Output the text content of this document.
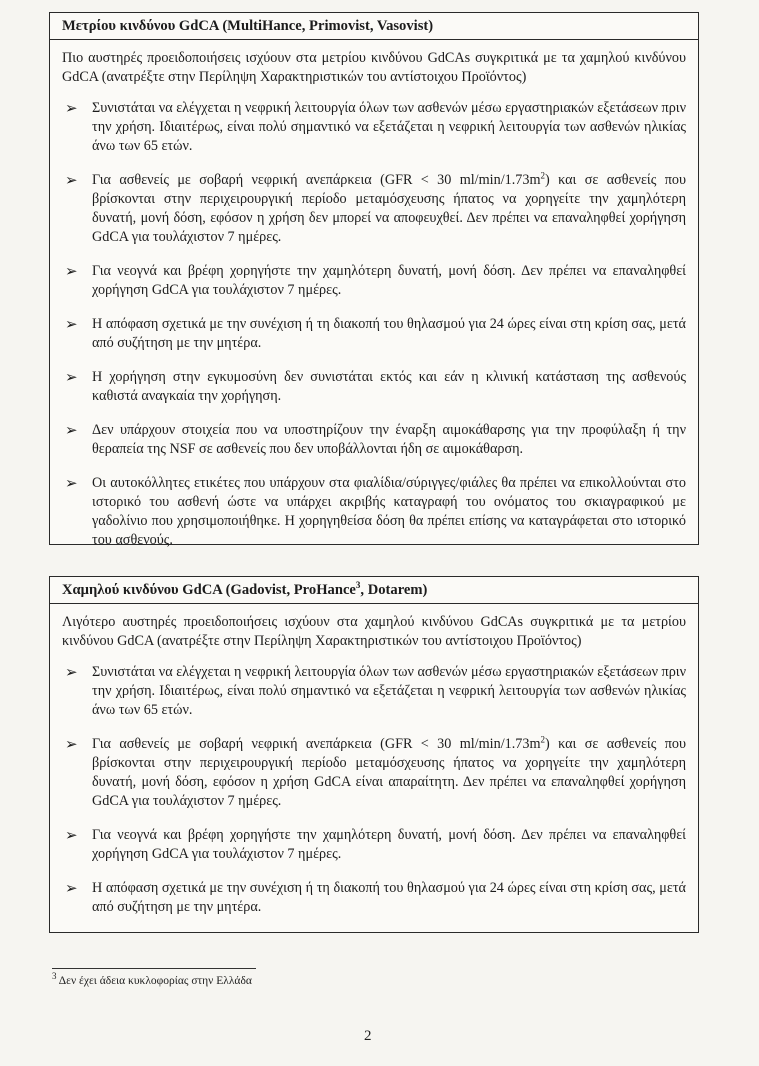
Μετρίου κινδύνου GdCA (MultiHance, Primovist, Vasovist)

Πιο αυστηρές προειδοποιήσεις ισχύουν στα μετρίου κινδύνου GdCAs συγκριτικά με τα χαμηλού κινδύνου GdCA (ανατρέξτε στην Περίληψη Χαρακτηριστικών του αντίστοιχου Προϊόντος)

➢ Συνιστάται να ελέγχεται η νεφρική λειτουργία όλων των ασθενών μέσω εργαστηριακών εξετάσεων πριν την χρήση. Ιδιαιτέρως, είναι πολύ σημαντικό να εξετάζεται η νεφρική λειτουργία των ασθενών ηλικίας άνω των 65 ετών.
➢ Για ασθενείς με σοβαρή νεφρική ανεπάρκεια (GFR < 30 $ml/\min/1.73m^2$) και σε ασθενείς που βρίσκονται στην περιχειρουργική περίοδο μεταμόσχευσης ήπατος να χορηγείτε την χαμηλότερη δυνατή, μονή δόση, εφόσον η χρήση δεν μπορεί να αποφευχθεί. Δεν πρέπει να επαναληφθεί χορήγηση GdCA για τουλάχιστον 7 ημέρες.
➢ Για νεογνά και βρέφη χορηγήστε την χαμηλότερη δυνατή, μονή δόση. Δεν πρέπει να επαναληφθεί χορήγηση GdCA για τουλάχιστον 7 ημέρες.
➢ Η απόφαση σχετικά με την συνέχιση ή τη διακοπή του θηλασμού για 24 ώρες είναι στη κρίση σας, μετά από συζήτηση με την μητέρα.
➢ Η χορήγηση στην εγκυμοσύνη δεν συνιστάται εκτός και εάν η κλινική κατάσταση της ασθενούς καθιστά αναγκαία την χορήγηση.
➢ Δεν υπάρχουν στοιχεία που να υποστηρίζουν την έναρξη αιμοκάθαρσης για την προφύλαξη ή την θεραπεία της NSF σε ασθενείς που δεν υποβάλλονται ήδη σε αιμοκάθαρση.
➢ Οι αυτοκόλλητες ετικέτες που υπάρχουν στα φιαλίδια/σύριγγες/φιάλες θα πρέπει να επικολλούνται στο ιστορικό του ασθενή ώστε να υπάρχει ακριβής καταγραφή του ονόματος του σκιαγραφικού με γαδολίνιο που χρησιμοποιήθηκε. Η χορηγηθείσα δόση θα πρέπει επίσης να καταγράφεται στο ιστορικό του ασθενούς.
Χαμηλού κινδύνου GdCA (Gadovist, ProHance$^3$, Dotarem)

Λιγότερο αυστηρές προειδοποιήσεις ισχύουν στα χαμηλού κινδύνου GdCAs συγκριτικά με τα μετρίου κινδύνου GdCA (ανατρέξτε στην Περίληψη Χαρακτηριστικών του αντίστοιχου Προϊόντος)

➢ Συνιστάται να ελέγχεται η νεφρική λειτουργία όλων των ασθενών μέσω εργαστηριακών εξετάσεων πριν την χρήση. Ιδιαιτέρως, είναι πολύ σημαντικό να εξετάζεται η νεφρική λειτουργία των ασθενών ηλικίας άνω των 65 ετών.
➢ Για ασθενείς με σοβαρή νεφρική ανεπάρκεια (GFR < 30 $ml/\min/1.73m^2$) και σε ασθενείς που βρίσκονται στην περιχειρουργική περίοδο μεταμόσχευσης ήπατος να χορηγείτε την χαμηλότερη δυνατή, μονή δόση, εφόσον η χρήση GdCA είναι απαραίτητη. Δεν πρέπει να επαναληφθεί χορήγηση GdCA για τουλάχιστον 7 ημέρες.
➢ Για νεογνά και βρέφη χορηγήστε την χαμηλότερη δυνατή, μονή δόση. Δεν πρέπει να επαναληφθεί χορήγηση GdCA για τουλάχιστον 7 ημέρες.
➢ Η απόφαση σχετικά με την συνέχιση ή τη διακοπή του θηλασμού για 24 ώρες είναι στη κρίση σας, μετά από συζήτηση με την μητέρα.
$^3$ Δεν έχει άδεια κυκλοφορίας στην Ελλάδα
2
